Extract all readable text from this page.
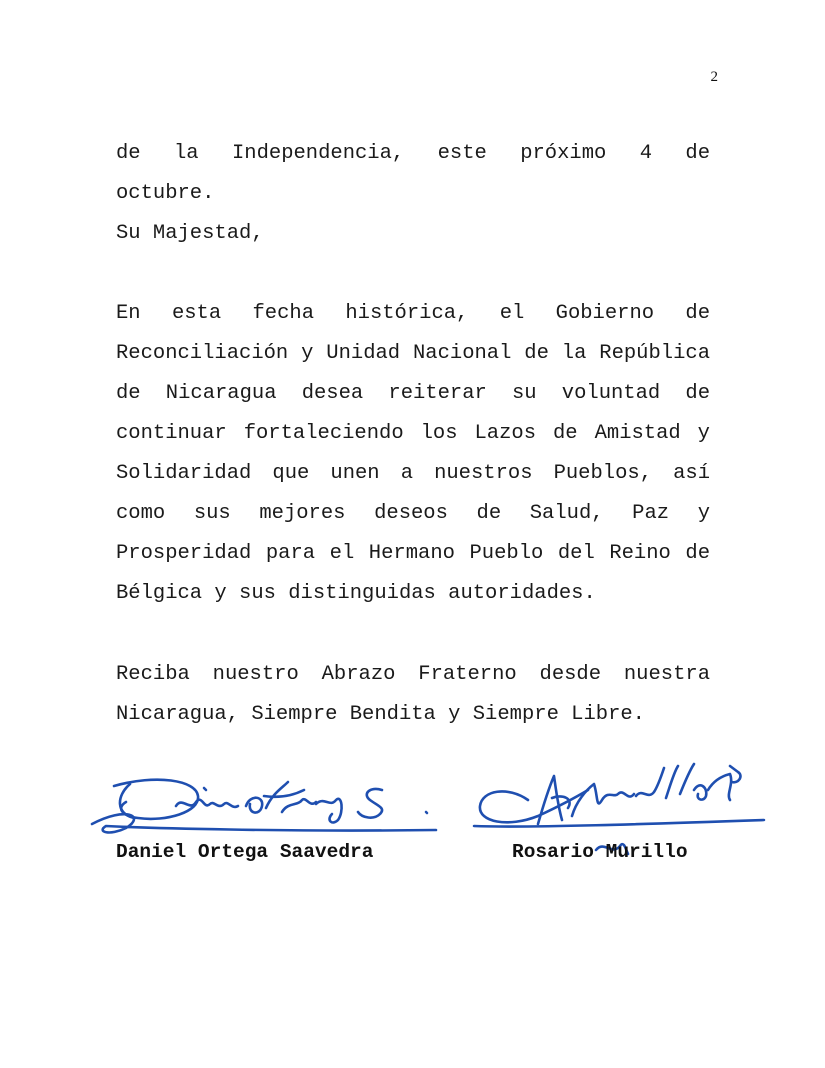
2
de la Independencia, este próximo 4 de
octubre.
Su Majestad,

En esta fecha histórica, el Gobierno de Reconciliación y Unidad Nacional de la República de Nicaragua desea reiterar su voluntad de continuar fortaleciendo los Lazos de Amistad y Solidaridad que unen a nuestros Pueblos, así como sus mejores deseos de Salud, Paz y Prosperidad para el Hermano Pueblo del Reino de Bélgica y sus distinguidas autoridades.

Reciba nuestro Abrazo Fraterno desde nuestra Nicaragua, Siempre Bendita y Siempre Libre.

Daniel Ortega Saavedra	Rosario Murillo
